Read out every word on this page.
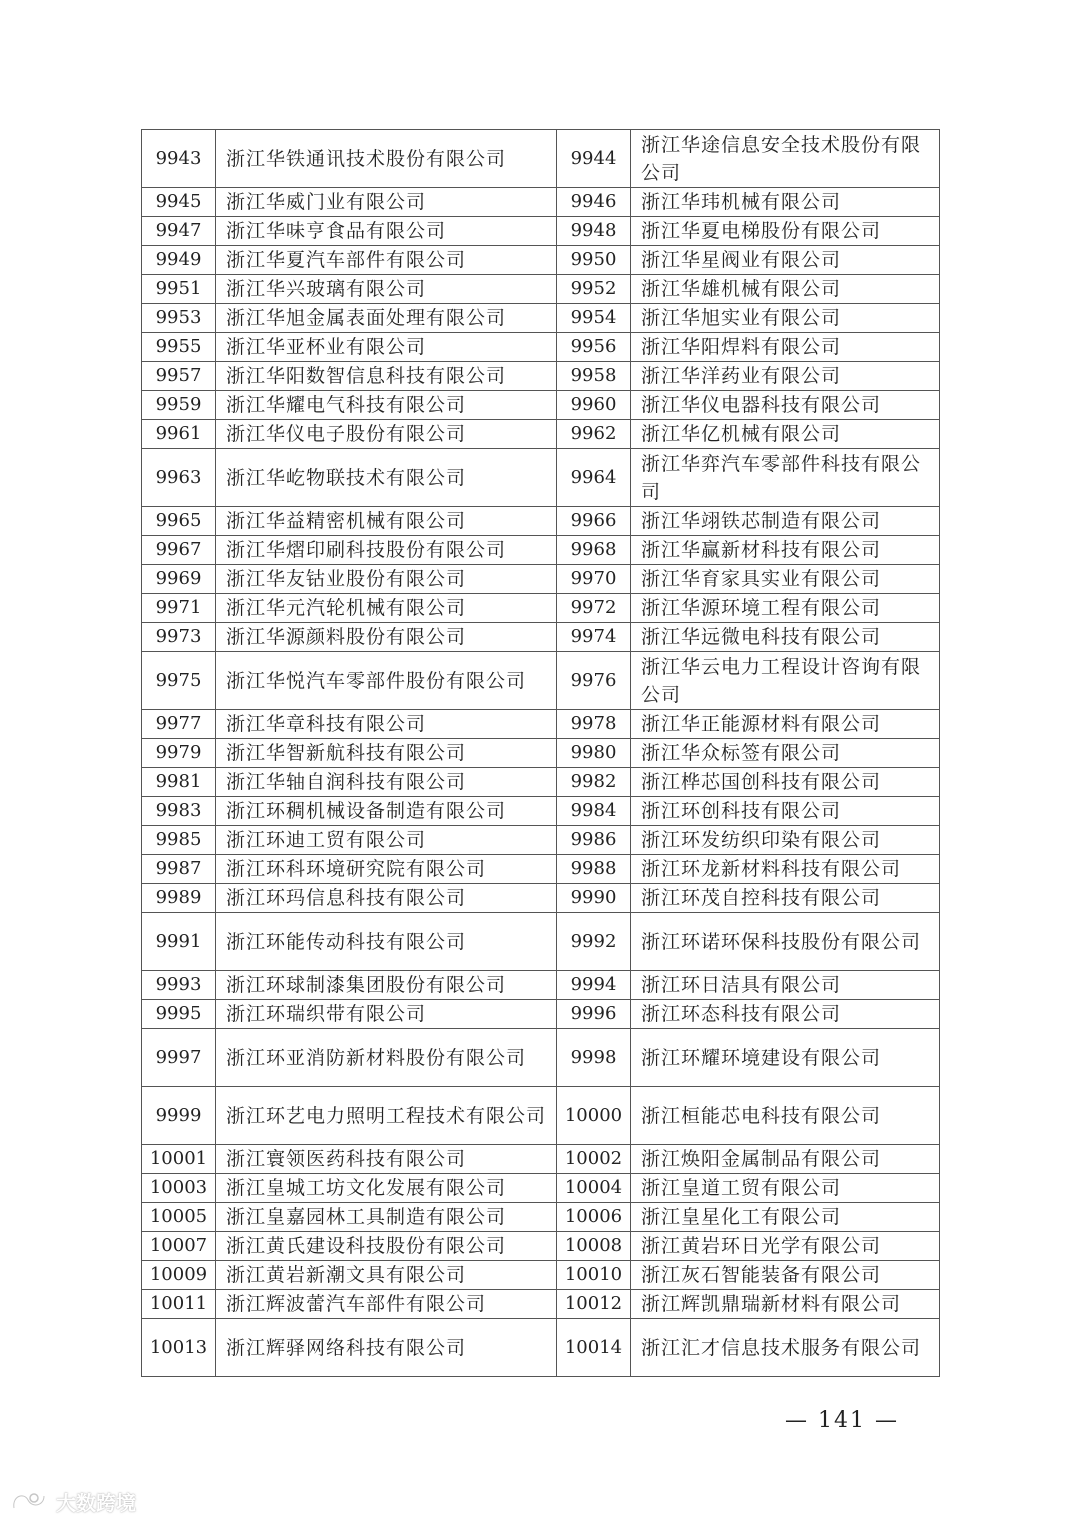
9943	浙江华铁通讯技术股份有限公司	9944	浙江华途信息安全技术股份有限公司
9945	浙江华威门业有限公司	9946	浙江华玮机械有限公司
9947	浙江华味亨食品有限公司	9948	浙江华夏电梯股份有限公司
9949	浙江华夏汽车部件有限公司	9950	浙江华星阀业有限公司
9951	浙江华兴玻璃有限公司	9952	浙江华雄机械有限公司
9953	浙江华旭金属表面处理有限公司	9954	浙江华旭实业有限公司
9955	浙江华亚杯业有限公司	9956	浙江华阳焊料有限公司
9957	浙江华阳数智信息科技有限公司	9958	浙江华洋药业有限公司
9959	浙江华耀电气科技有限公司	9960	浙江华仪电器科技有限公司
9961	浙江华仪电子股份有限公司	9962	浙江华亿机械有限公司
9963	浙江华屹物联技术有限公司	9964	浙江华弈汽车零部件科技有限公司
9965	浙江华益精密机械有限公司	9966	浙江华翊铁芯制造有限公司
9967	浙江华熠印刷科技股份有限公司	9968	浙江华赢新材科技有限公司
9969	浙江华友钴业股份有限公司	9970	浙江华育家具实业有限公司
9971	浙江华元汽轮机械有限公司	9972	浙江华源环境工程有限公司
9973	浙江华源颜料股份有限公司	9974	浙江华远微电科技有限公司
9975	浙江华悦汽车零部件股份有限公司	9976	浙江华云电力工程设计咨询有限公司
9977	浙江华章科技有限公司	9978	浙江华正能源材料有限公司
9979	浙江华智新航科技有限公司	9980	浙江华众标签有限公司
9981	浙江华轴自润科技有限公司	9982	浙江桦芯国创科技有限公司
9983	浙江环稠机械设备制造有限公司	9984	浙江环创科技有限公司
9985	浙江环迪工贸有限公司	9986	浙江环发纺织印染有限公司
9987	浙江环科环境研究院有限公司	9988	浙江环龙新材料科技有限公司
9989	浙江环玛信息科技有限公司	9990	浙江环茂自控科技有限公司
9991	浙江环能传动科技有限公司	9992	浙江环诺环保科技股份有限公司
9993	浙江环球制漆集团股份有限公司	9994	浙江环日洁具有限公司
9995	浙江环瑞织带有限公司	9996	浙江环态科技有限公司
9997	浙江环亚消防新材料股份有限公司	9998	浙江环耀环境建设有限公司
9999	浙江环艺电力照明工程技术有限公司	10000	浙江桓能芯电科技有限公司
10001	浙江寰领医药科技有限公司	10002	浙江焕阳金属制品有限公司
10003	浙江皇城工坊文化发展有限公司	10004	浙江皇道工贸有限公司
10005	浙江皇嘉园林工具制造有限公司	10006	浙江皇星化工有限公司
10007	浙江黄氏建设科技股份有限公司	10008	浙江黄岩环日光学有限公司
10009	浙江黄岩新潮文具有限公司	10010	浙江灰石智能装备有限公司
10011	浙江辉波蕾汽车部件有限公司	10012	浙江辉凯鼎瑞新材料有限公司
10013	浙江辉驿网络科技有限公司	10014	浙江汇才信息技术服务有限公司
— 141 —
大数跨境
